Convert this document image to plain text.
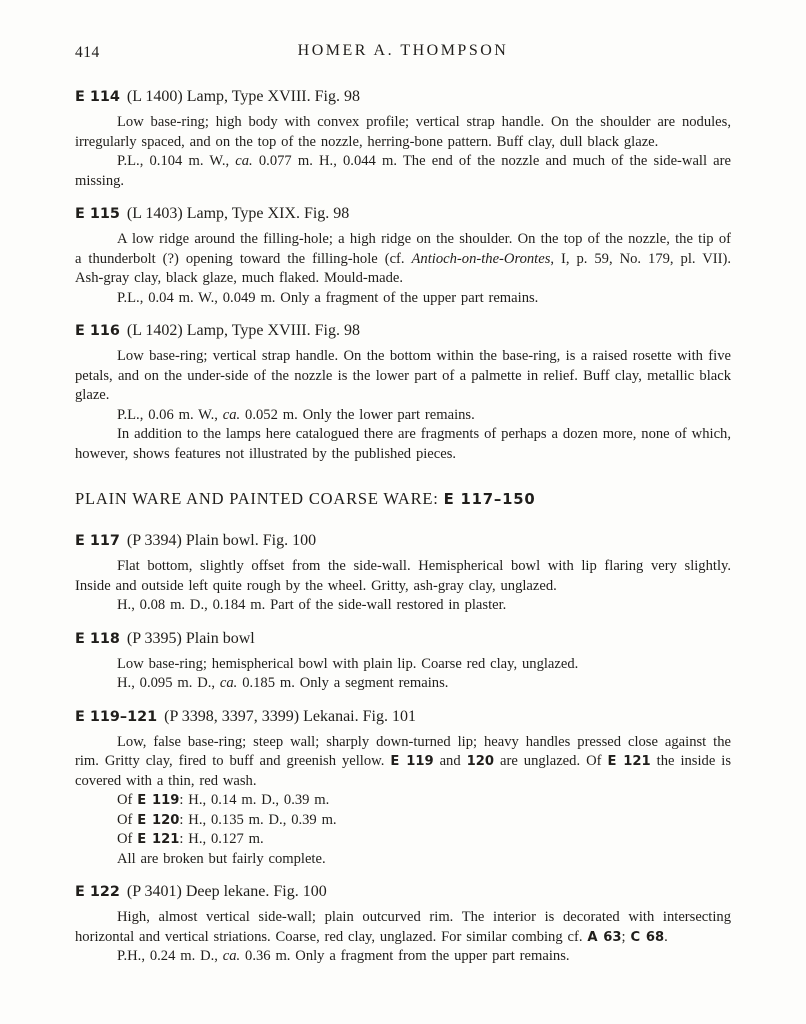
414	HOMER A. THOMPSON
E 114 (L 1400) Lamp, Type XVIII. Fig. 98

Low base-ring; high body with convex profile; vertical strap handle. On the shoulder are nodules, irregularly spaced, and on the top of the nozzle, herring-bone pattern. Buff clay, dull black glaze.

P.L., 0.104 m. W., ca. 0.077 m. H., 0.044 m. The end of the nozzle and much of the side-wall are missing.

E 115 (L 1403) Lamp, Type XIX. Fig. 98

A low ridge around the filling-hole; a high ridge on the shoulder. On the top of the nozzle, the tip of a thunderbolt (?) opening toward the filling-hole (cf. Antioch-on-the-Orontes, I, p. 59, No. 179, pl. VII). Ash-gray clay, black glaze, much flaked. Mould-made.

P.L., 0.04 m. W., 0.049 m. Only a fragment of the upper part remains.

E 116 (L 1402) Lamp, Type XVIII. Fig. 98

Low base-ring; vertical strap handle. On the bottom within the base-ring, is a raised rosette with five petals, and on the under-side of the nozzle is the lower part of a palmette in relief. Buff clay, metallic black glaze.

P.L., 0.06 m. W., ca. 0.052 m. Only the lower part remains.

In addition to the lamps here catalogued there are fragments of perhaps a dozen more, none of which, however, shows features not illustrated by the published pieces.

PLAIN WARE AND PAINTED COARSE WARE: E 117–150
E 117 (P 3394) Plain bowl. Fig. 100

Flat bottom, slightly offset from the side-wall. Hemispherical bowl with lip flaring very slightly. Inside and outside left quite rough by the wheel. Gritty, ash-gray clay, unglazed.

H., 0.08 m. D., 0.184 m. Part of the side-wall restored in plaster.

E 118 (P 3395) Plain bowl

Low base-ring; hemispherical bowl with plain lip. Coarse red clay, unglazed.

H., 0.095 m. D., ca. 0.185 m. Only a segment remains.

E 119–121 (P 3398, 3397, 3399) Lekanai. Fig. 101

Low, false base-ring; steep wall; sharply down-turned lip; heavy handles pressed close against the rim. Gritty clay, fired to buff and greenish yellow. E 119 and 120 are unglazed. Of E 121 the inside is covered with a thin, red wash.

Of E 119: H., 0.14 m. D., 0.39 m.

Of E 120: H., 0.135 m. D., 0.39 m.

Of E 121: H., 0.127 m.

All are broken but fairly complete.

E 122 (P 3401) Deep lekane. Fig. 100

High, almost vertical side-wall; plain outcurved rim. The interior is decorated with intersecting horizontal and vertical striations. Coarse, red clay, unglazed. For similar combing cf. A 63; C 68.

P.H., 0.24 m. D., ca. 0.36 m. Only a fragment from the upper part remains.
